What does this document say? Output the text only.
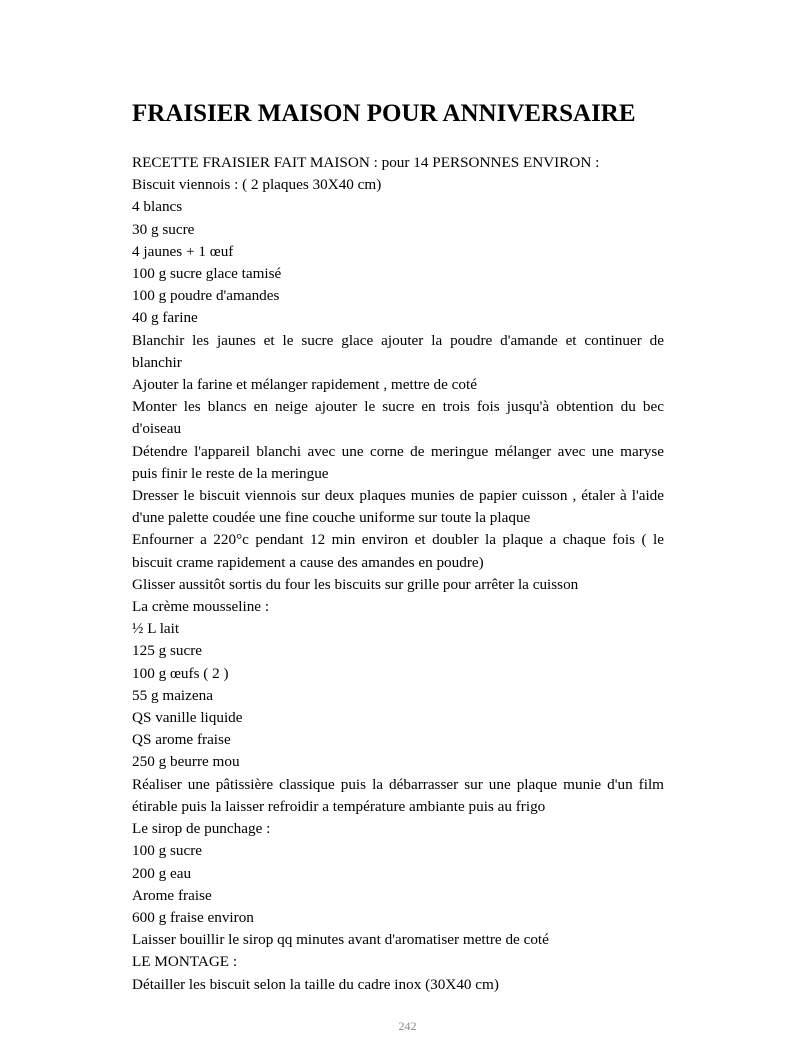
FRAISIER MAISON POUR ANNIVERSAIRE
RECETTE FRAISIER FAIT MAISON : pour 14 PERSONNES ENVIRON :
Biscuit viennois : ( 2 plaques 30X40 cm)
4 blancs
30 g sucre
4 jaunes + 1 œuf
100 g sucre glace tamisé
100 g poudre d'amandes
40 g farine
Blanchir les jaunes et le sucre glace ajouter la poudre d'amande et continuer de blanchir
Ajouter la farine et mélanger rapidement , mettre de coté
Monter les blancs en neige ajouter le sucre en trois fois jusqu'à obtention du bec d'oiseau
Détendre l'appareil blanchi avec une corne de meringue mélanger avec une maryse puis finir le reste de la meringue
Dresser le biscuit viennois sur deux plaques munies de papier cuisson , étaler à l'aide d'une palette coudée une fine couche uniforme sur toute la plaque
Enfourner a 220°c pendant 12 min environ et doubler la plaque a chaque fois ( le biscuit crame rapidement a cause des amandes en poudre)
Glisser aussitôt sortis du four les biscuits sur grille pour arrêter la cuisson
La crème mousseline :
½ L lait
125 g sucre
100 g œufs ( 2 )
55 g maizena
QS vanille liquide
QS arome fraise
250 g beurre mou
Réaliser une pâtissière classique puis la débarrasser sur une plaque munie d'un film étirable puis la laisser refroidir a température ambiante puis au frigo
Le sirop de punchage :
100 g sucre
200 g eau
Arome fraise
600 g fraise environ
Laisser bouillir le sirop qq minutes avant d'aromatiser mettre de coté
LE MONTAGE :
Détailler les biscuit selon la taille du cadre inox (30X40 cm)
242
